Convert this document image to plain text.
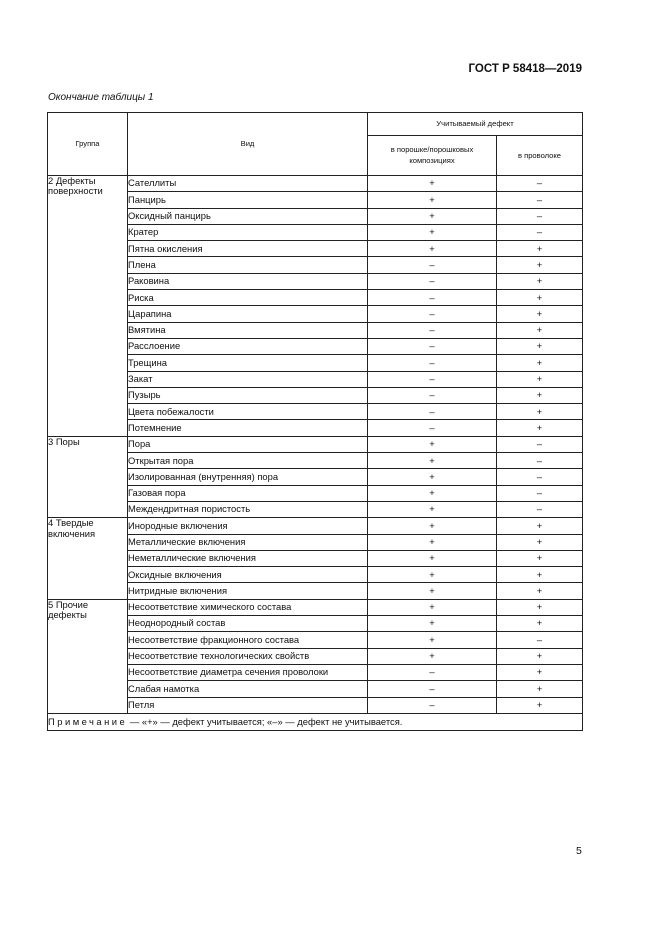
ГОСТ Р 58418—2019
Окончание таблицы 1
Группа	Вид	Учитываемый дефект	
		в порошке/порошковых композициях	в проволоке
2 Дефекты поверхности	Сателлиты	+	–
	Панцирь	+	–
	Оксидный панцирь	+	–
	Кратер	+	–
	Пятна окисления	+	+
	Плена	–	+
	Раковина	–	+
	Риска	–	+
	Царапина	–	+
	Вмятина	–	+
	Расслоение	–	+
	Трещина	–	+
	Закат	–	+
	Пузырь	–	+
	Цвета побежалости	–	+
	Потемнение	–	+
3 Поры	Пора	+	–
	Открытая пора	+	–
	Изолированная (внутренняя) пора	+	–
	Газовая пора	+	–
	Междендритная пористость	+	–
4 Твердые включения	Инородные включения	+	+
	Металлические включения	+	+
	Неметаллические включения	+	+
	Оксидные включения	+	+
	Нитридные включения	+	+
5 Прочие дефекты	Несоответствие химического состава	+	+
	Неоднородный состав	+	+
	Несоответствие фракционного состава	+	–
	Несоответствие технологических свойств	+	+
	Несоответствие диаметра сечения проволоки	–	+
	Слабая намотка	–	+
	Петля	–	+
Примечание — «+» — дефект учитывается; «–» — дефект не учитывается.			
5
